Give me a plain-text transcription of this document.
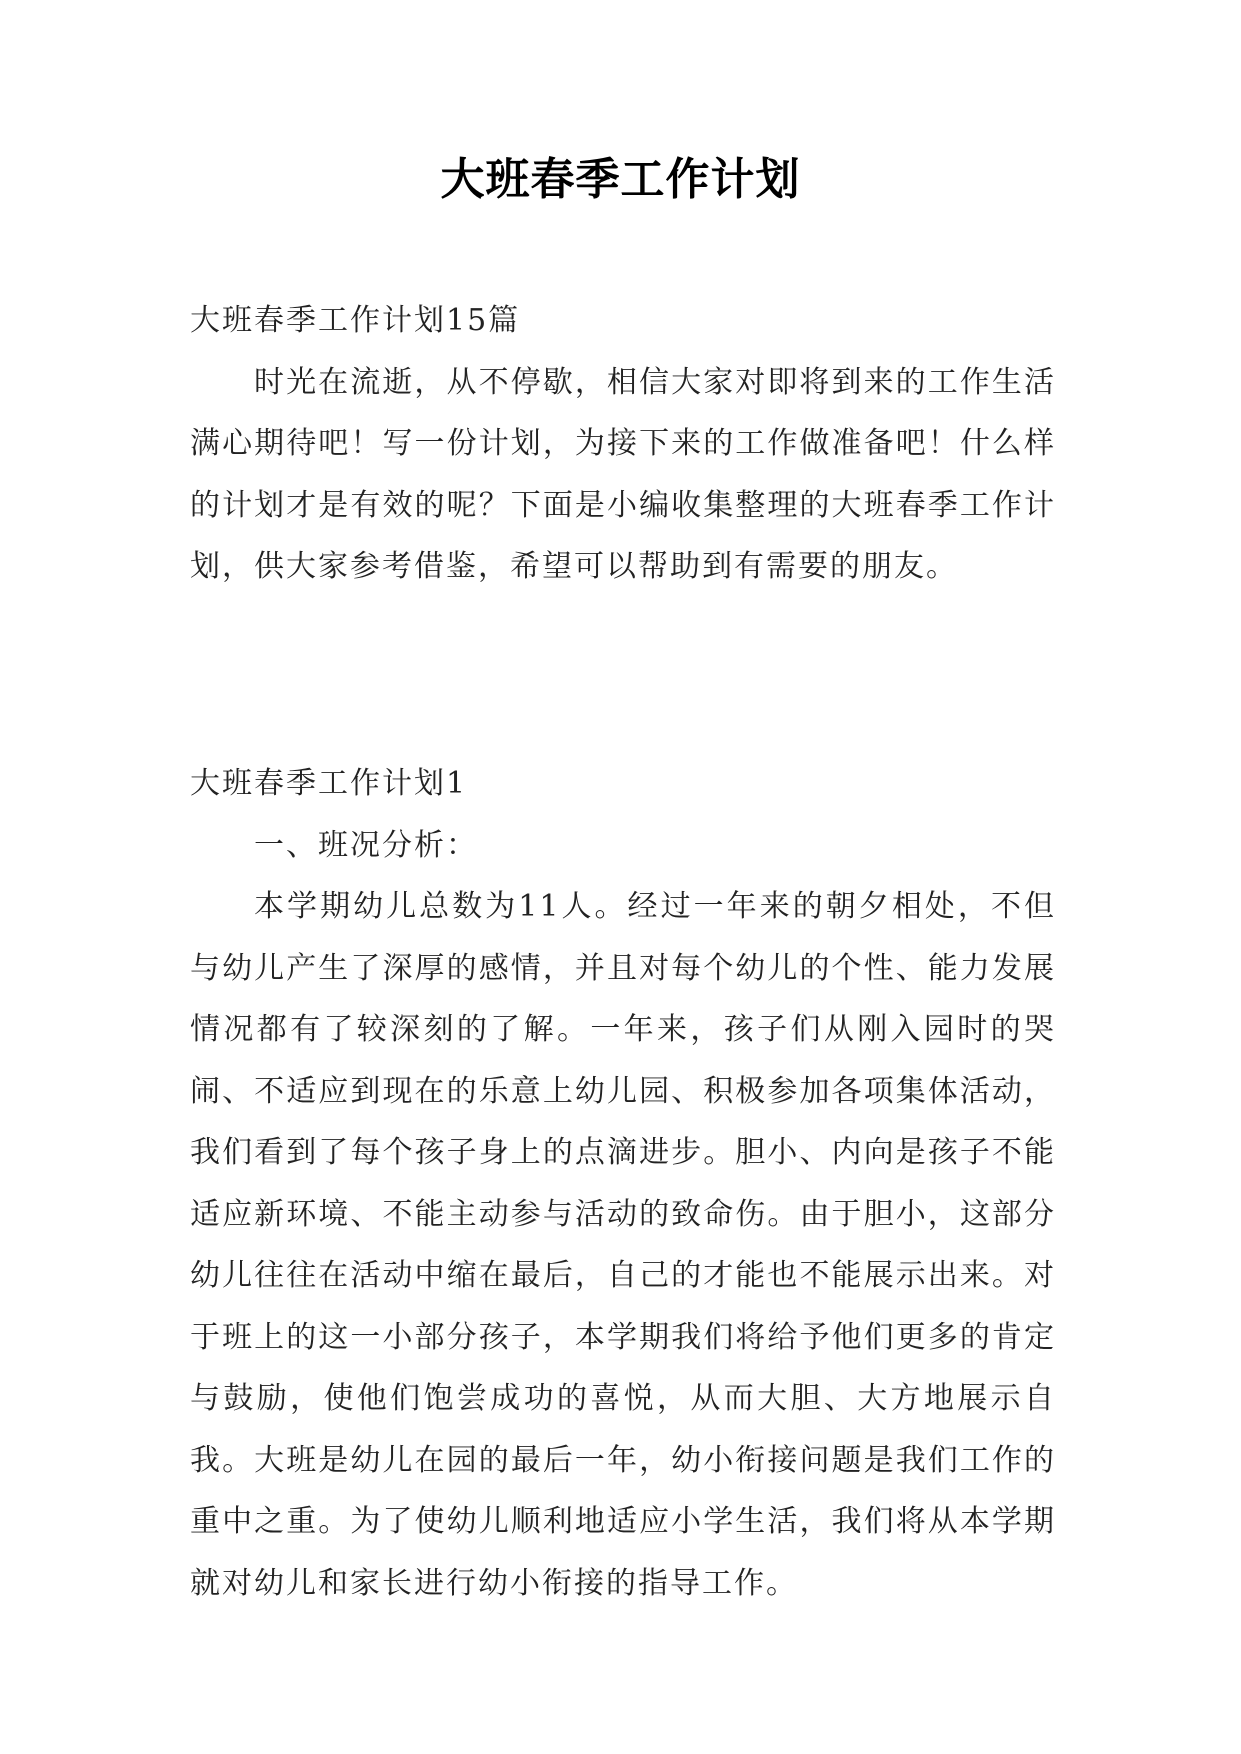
大班春季工作计划

大班春季工作计划15篇

时光在流逝，从不停歇，相信大家对即将到来的工作生活满心期待吧！写一份计划，为接下来的工作做准备吧！什么样的计划才是有效的呢？下面是小编收集整理的大班春季工作计划，供大家参考借鉴，希望可以帮助到有需要的朋友。

大班春季工作计划1

一、班况分析：

本学期幼儿总数为11人。经过一年来的朝夕相处，不但与幼儿产生了深厚的感情，并且对每个幼儿的个性、能力发展情况都有了较深刻的了解。一年来，孩子们从刚入园时的哭闹、不适应到现在的乐意上幼儿园、积极参加各项集体活动，我们看到了每个孩子身上的点滴进步。胆小、内向是孩子不能适应新环境、不能主动参与活动的致命伤。由于胆小，这部分幼儿往往在活动中缩在最后，自己的才能也不能展示出来。对于班上的这一小部分孩子，本学期我们将给予他们更多的肯定与鼓励，使他们饱尝成功的喜悦，从而大胆、大方地展示自我。大班是幼儿在园的最后一年，幼小衔接问题是我们工作的重中之重。为了使幼儿顺利地适应小学生活，我们将从本学期就对幼儿和家长进行幼小衔接的指导工作。
